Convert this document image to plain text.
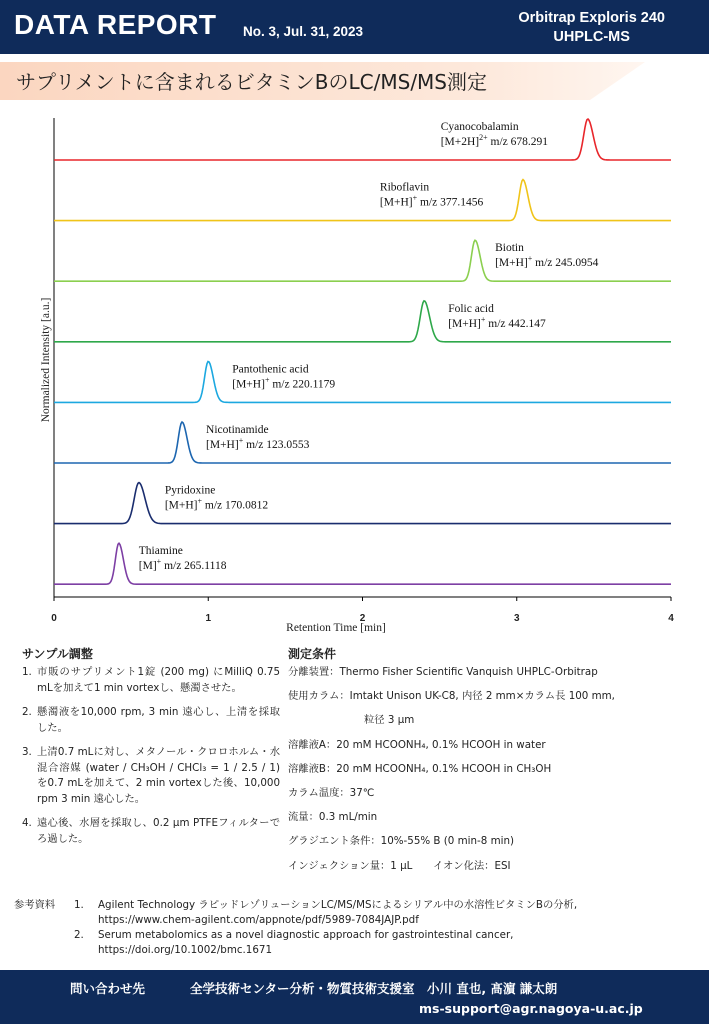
DATA REPORT No. 3, Jul. 31, 2023
Orbitrap Exploris 240
UHPLC-MS
サプリメントに含まれるビタミンBのLC/MS/MS測定
0	1	2	3	4
Cyanocobalamin
$[M+2H]^{2+}$ m/z 678.291
Riboflavin
[M+H]+ m/z 377.1456
Biotin
[M+H]+ m/z 245.0954
Folic acid
[M+H]+ m/z 442.147
Pantothenic acid
[M+H]+ m/z 220.1179
Nicotinamide
[M+H]+ m/z 123.0553
Pyridoxine
[M+H]+ m/z 170.0812
Thiamine
[M]+ m/z 265.1118
Normalized Intensity [a.u.]
Retention Time [min]
サンプル調整
1. 市販のサプリメント1錠 (200 mg) にMilliQ 0.75 mLを加えて1 min vortexし、懸濁させた。
2. 懸濁液を10,000 rpm, 3 min 遠心し、上清を採取した。
3. 上清0.7 mLに対し、メタノール・クロロホルム・水混合溶媒 (water / CH₃OH / CHCl₃ = 1 / 2.5 / 1) を0.7 mLを加えて、2 min vortexした後、10,000 rpm 3 min 遠心した。
4. 遠心後、水層を採取し、0.2 µm PTFEフィルターでろ過した。
測定条件
分離装置：Thermo Fisher Scientific Vanquish UHPLC-Orbitrap
使用カラム：Imtakt Unison UK-C8, 内径 2 mm×カラム長 100 mm,
粒径 3 µm
溶離液A：20 mM HCOONH₄, 0.1% HCOOH in water
溶離液B：20 mM HCOONH₄, 0.1% HCOOH in CH₃OH
カラム温度：37℃
流量：0.3 mL/min
グラジエント条件：10%-55% B (0 min-8 min)
インジェクション量：1 µL　　イオン化法：ESI
参考資料 1. Agilent Technology ラピッドレゾリューションLC/MS/MSによるシリアル中の水溶性ビタミンBの分析,
https://www.chem-agilent.com/appnote/pdf/5989-7084JAJP.pdf
2. Serum metabolomics as a novel diagnostic approach for gastrointestinal cancer,
https://doi.org/10.1002/bmc.1671
問い合わせ先	全学技術センター分析・物質技術支援室　小川 直也, 髙濵 謙太朗
ms-support@agr.nagoya-u.ac.jp
